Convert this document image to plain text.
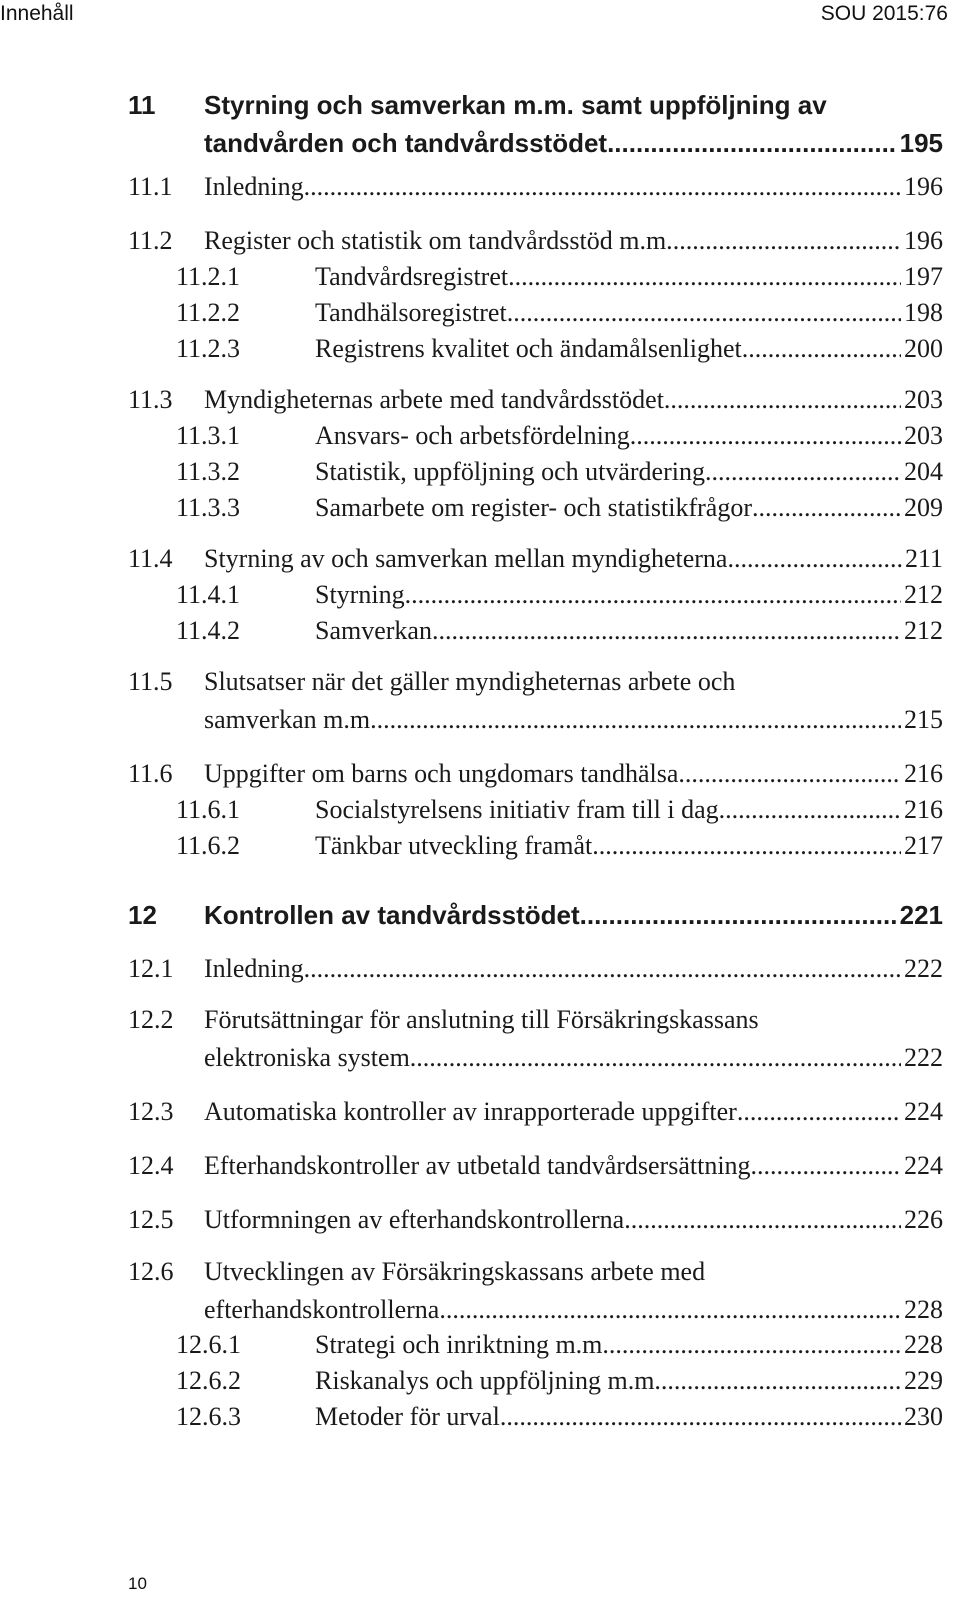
Innehåll	SOU 2015:76
11 Styrning och samverkan m.m. samt uppföljning av
tandvården och tandvårdsstödet .....	195
11.1 Inledning .....	196
11.2 Register och statistik om tandvårdsstöd m.m. .....	196
11.2.1	Tandvårdsregistret .....	197
11.2.2	Tandhälsoregistret .....	198
11.2.3	Registrens kvalitet och ändamålsenlighet .....	200
11.3 Myndigheternas arbete med tandvårdsstödet .....	203
11.3.1	Ansvars- och arbetsfördelning .....	203
11.3.2	Statistik, uppföljning och utvärdering .....	204
11.3.3	Samarbete om register- och statistikfrågor .....	209
11.4 Styrning av och samverkan mellan myndigheterna .....	211
11.4.1	Styrning .....	212
11.4.2	Samverkan .....	212
11.5 Slutsatser när det gäller myndigheternas arbete och
samverkan m.m. .....	215
11.6 Uppgifter om barns och ungdomars tandhälsa .....	216
11.6.1	Socialstyrelsens initiativ fram till i dag .....	216
11.6.2	Tänkbar utveckling framåt .....	217
12 Kontrollen av tandvårdsstödet .....	221
12.1 Inledning .....	222
12.2 Förutsättningar för anslutning till Försäkringskassans
elektroniska system .....	222
12.3 Automatiska kontroller av inrapporterade uppgifter .....	224
12.4 Efterhandskontroller av utbetald tandvårdsersättning .....	224
12.5 Utformningen av efterhandskontrollerna .....	226
12.6 Utvecklingen av Försäkringskassans arbete med
efterhandskontrollerna .....	228
12.6.1	Strategi och inriktning m.m. .....	228
12.6.2	Riskanalys och uppföljning m.m. .....	229
12.6.3	Metoder för urval .....	230
10
